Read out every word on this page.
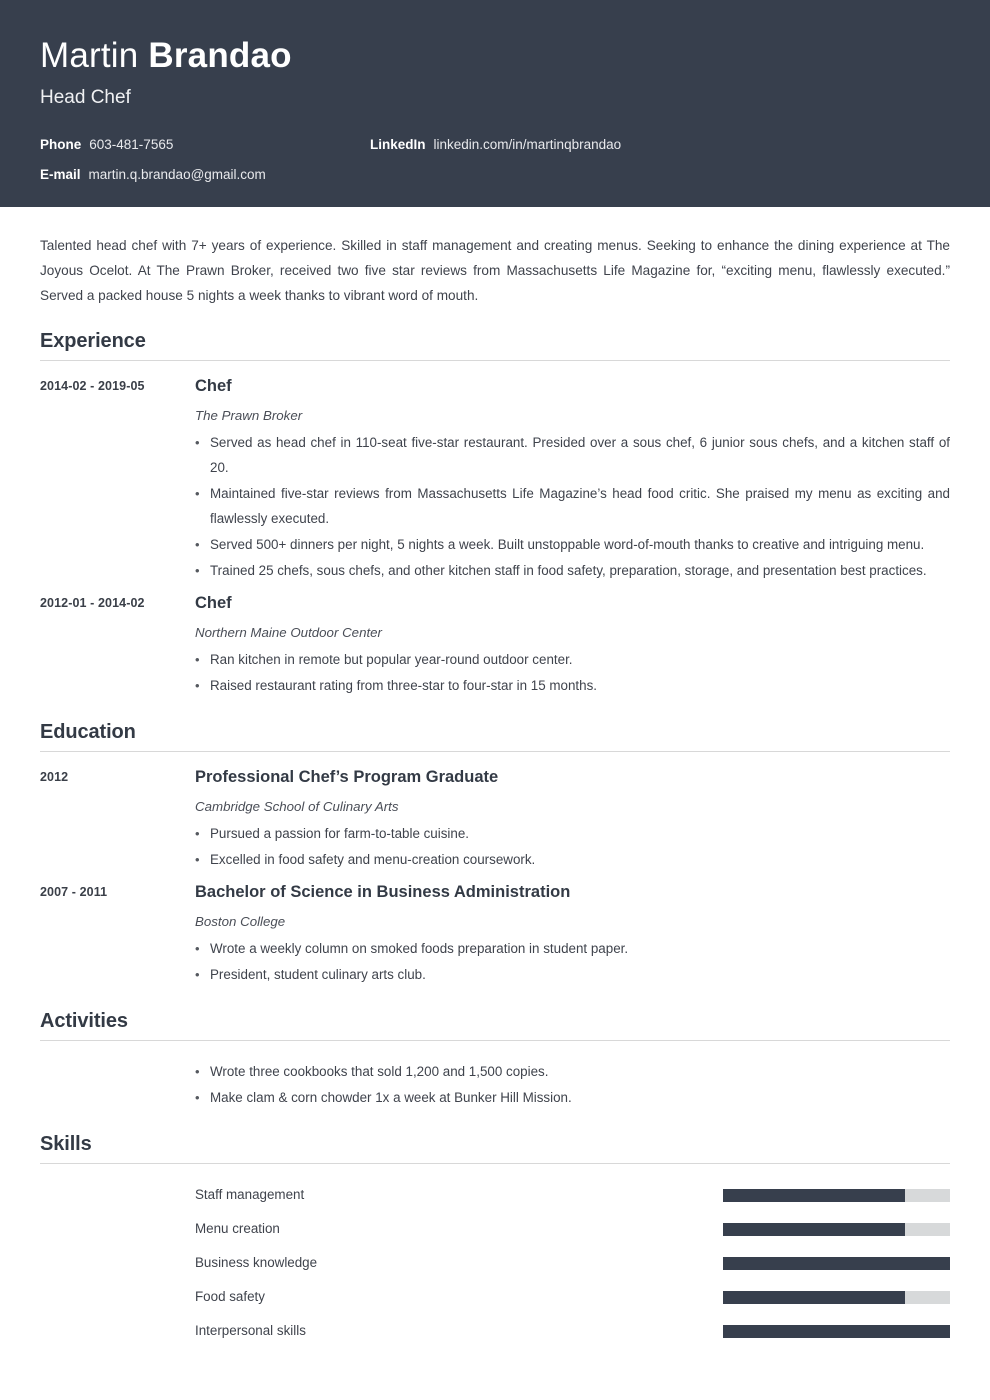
Martin Brandao
Head Chef
Phone 603-481-7565	LinkedIn linkedin.com/in/martinqbrandao
E-mail martin.q.brandao@gmail.com

Talented head chef with 7+ years of experience. Skilled in staff management and creating menus. Seeking to enhance the dining experience at The Joyous Ocelot. At The Prawn Broker, received two five star reviews from Massachusetts Life Magazine for, “exciting menu, flawlessly executed.” Served a packed house 5 nights a week thanks to vibrant word of mouth.

Experience
2014-02 - 2019-05	Chef
The Prawn Broker
• Served as head chef in 110-seat five-star restaurant. Presided over a sous chef, 6 junior sous chefs, and a kitchen staff of 20.
• Maintained five-star reviews from Massachusetts Life Magazine’s head food critic. She praised my menu as exciting and flawlessly executed.
• Served 500+ dinners per night, 5 nights a week. Built unstoppable word-of-mouth thanks to creative and intriguing menu.
• Trained 25 chefs, sous chefs, and other kitchen staff in food safety, preparation, storage, and presentation best practices.
2012-01 - 2014-02	Chef
Northern Maine Outdoor Center
• Ran kitchen in remote but popular year-round outdoor center.
• Raised restaurant rating from three-star to four-star in 15 months.
Education
2012	Professional Chef’s Program Graduate
Cambridge School of Culinary Arts
• Pursued a passion for farm-to-table cuisine.
• Excelled in food safety and menu-creation coursework.
2007 - 2011	Bachelor of Science in Business Administration
Boston College
• Wrote a weekly column on smoked foods preparation in student paper.
• President, student culinary arts club.
Activities
• Wrote three cookbooks that sold 1,200 and 1,500 copies.
• Make clam & corn chowder 1x a week at Bunker Hill Mission.
Skills
Staff management
Menu creation
Business knowledge
Food safety
Interpersonal skills
